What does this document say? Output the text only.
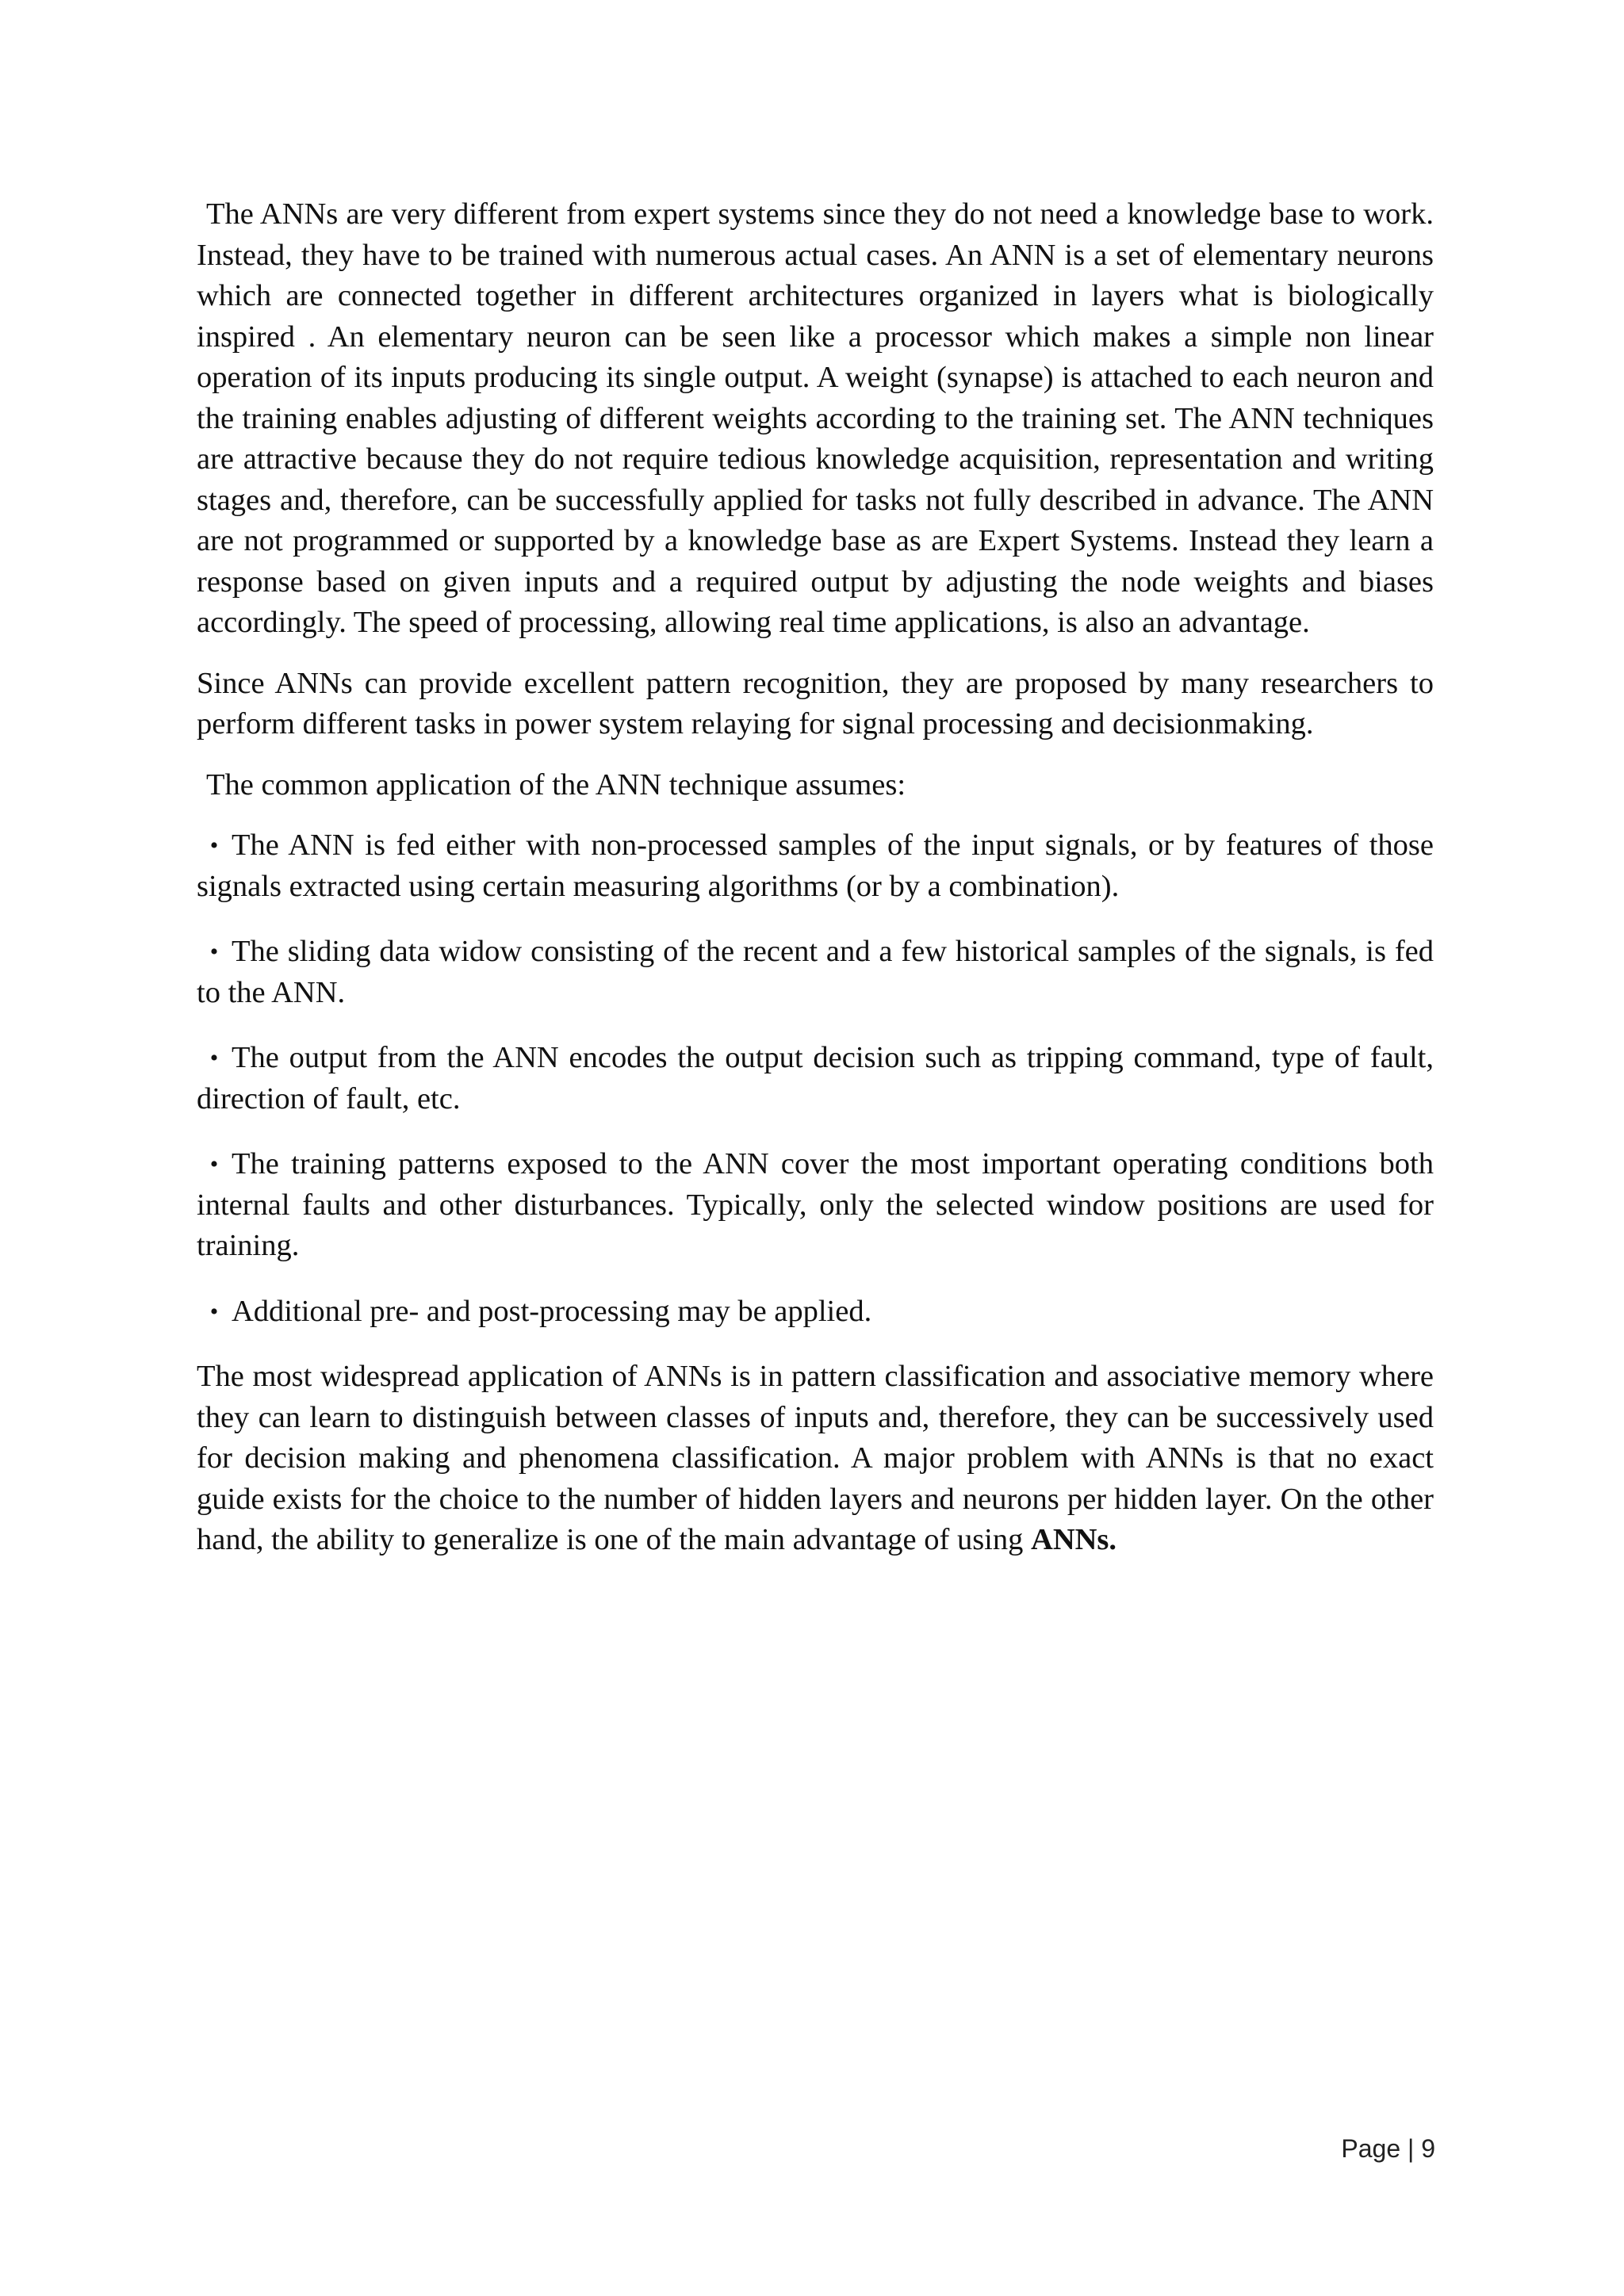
The ANNs are very different from expert systems since they do not need a knowledge base to work. Instead, they have to be trained with numerous actual cases. An ANN is a set of elementary neurons which are connected together in different architectures organized in layers what is biologically inspired . An elementary neuron can be seen like a processor which makes a simple non linear operation of its inputs producing its single output. A weight (synapse) is attached to each neuron and the training enables adjusting of different weights according to the training set. The ANN techniques are attractive because they do not require tedious knowledge acquisition, representation and writing stages and, therefore, can be successfully applied for tasks not fully described in advance. The ANN are not programmed or supported by a knowledge base as are Expert Systems. Instead they learn a response based on given inputs and a required output by adjusting the node weights and biases accordingly. The speed of processing, allowing real time applications, is also an advantage.

Since ANNs can provide excellent pattern recognition, they are proposed by many researchers to perform different tasks in power system relaying for signal processing and decisionmaking.

The common application of the ANN technique assumes:

• The ANN is fed either with non-processed samples of the input signals, or by features of those signals extracted using certain measuring algorithms (or by a combination).
• The sliding data widow consisting of the recent and a few historical samples of the signals, is fed to the ANN.
• The output from the ANN encodes the output decision such as tripping command, type of fault, direction of fault, etc.
• The training patterns exposed to the ANN cover the most important operating conditions both internal faults and other disturbances. Typically, only the selected window positions are used for training.
• Additional pre- and post-processing may be applied.

The most widespread application of ANNs is in pattern classification and associative memory where they can learn to distinguish between classes of inputs and, therefore, they can be successively used for decision making and phenomena classification. A major problem with ANNs is that no exact guide exists for the choice to the number of hidden layers and neurons per hidden layer. On the other hand, the ability to generalize is one of the main advantage of using ANNs.

Page | 9
